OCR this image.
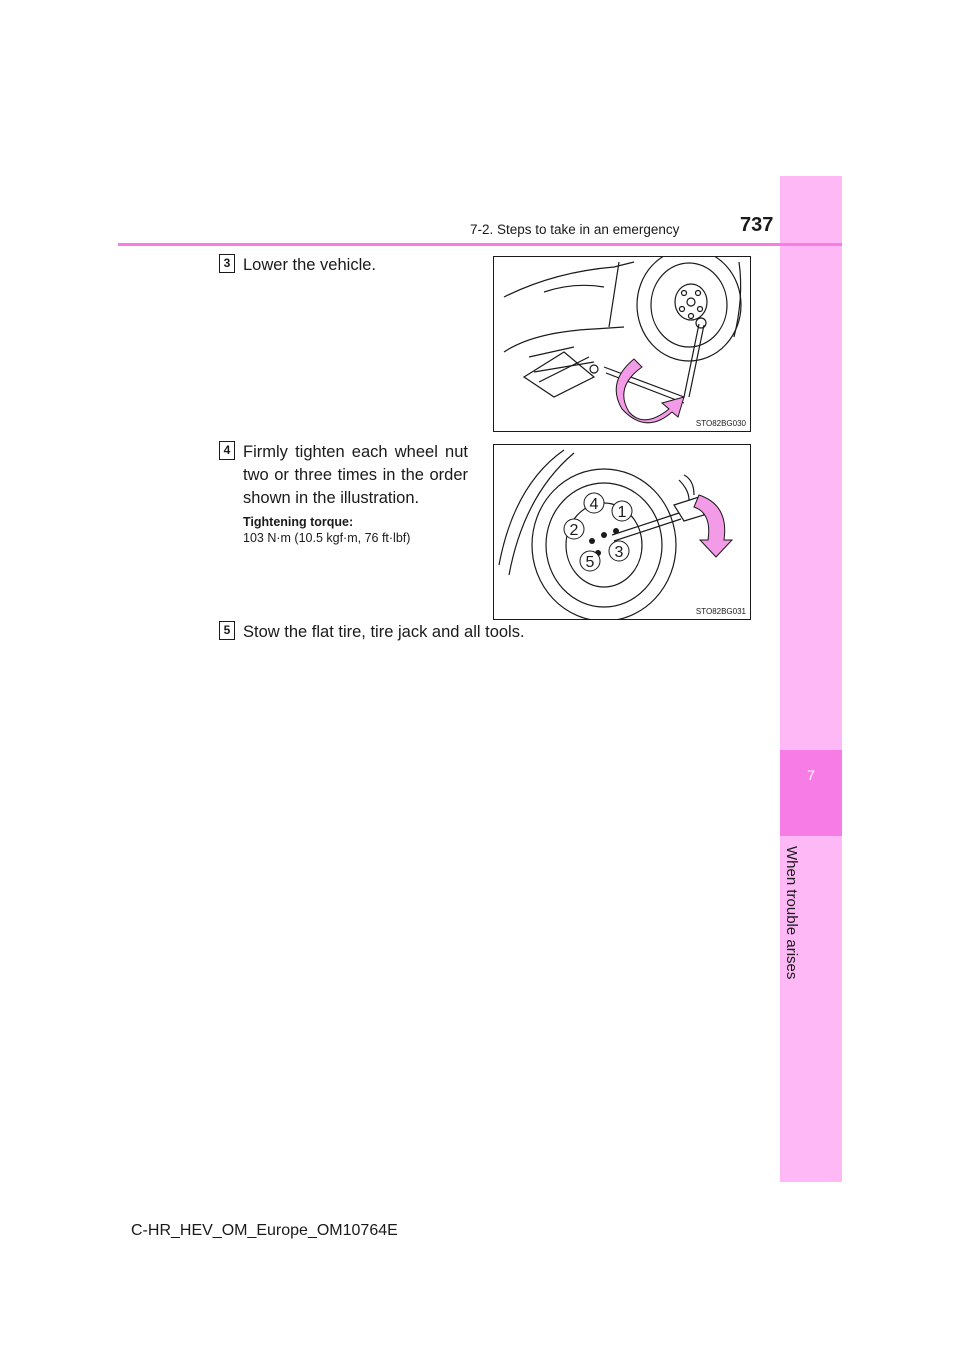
7
When trouble arises
7-2. Steps to take in an emergency	737
3 Lower the vehicle.
STO82BG030
4 Firmly tighten each wheel nut two or three times in the order shown in the illustration.
Tightening torque:
103 N·m (10.5 kgf·m, 76 ft·lbf)
1
2
3
4
5
STO82BG031
5 Stow the flat tire, tire jack and all tools.
C-HR_HEV_OM_Europe_OM10764E
